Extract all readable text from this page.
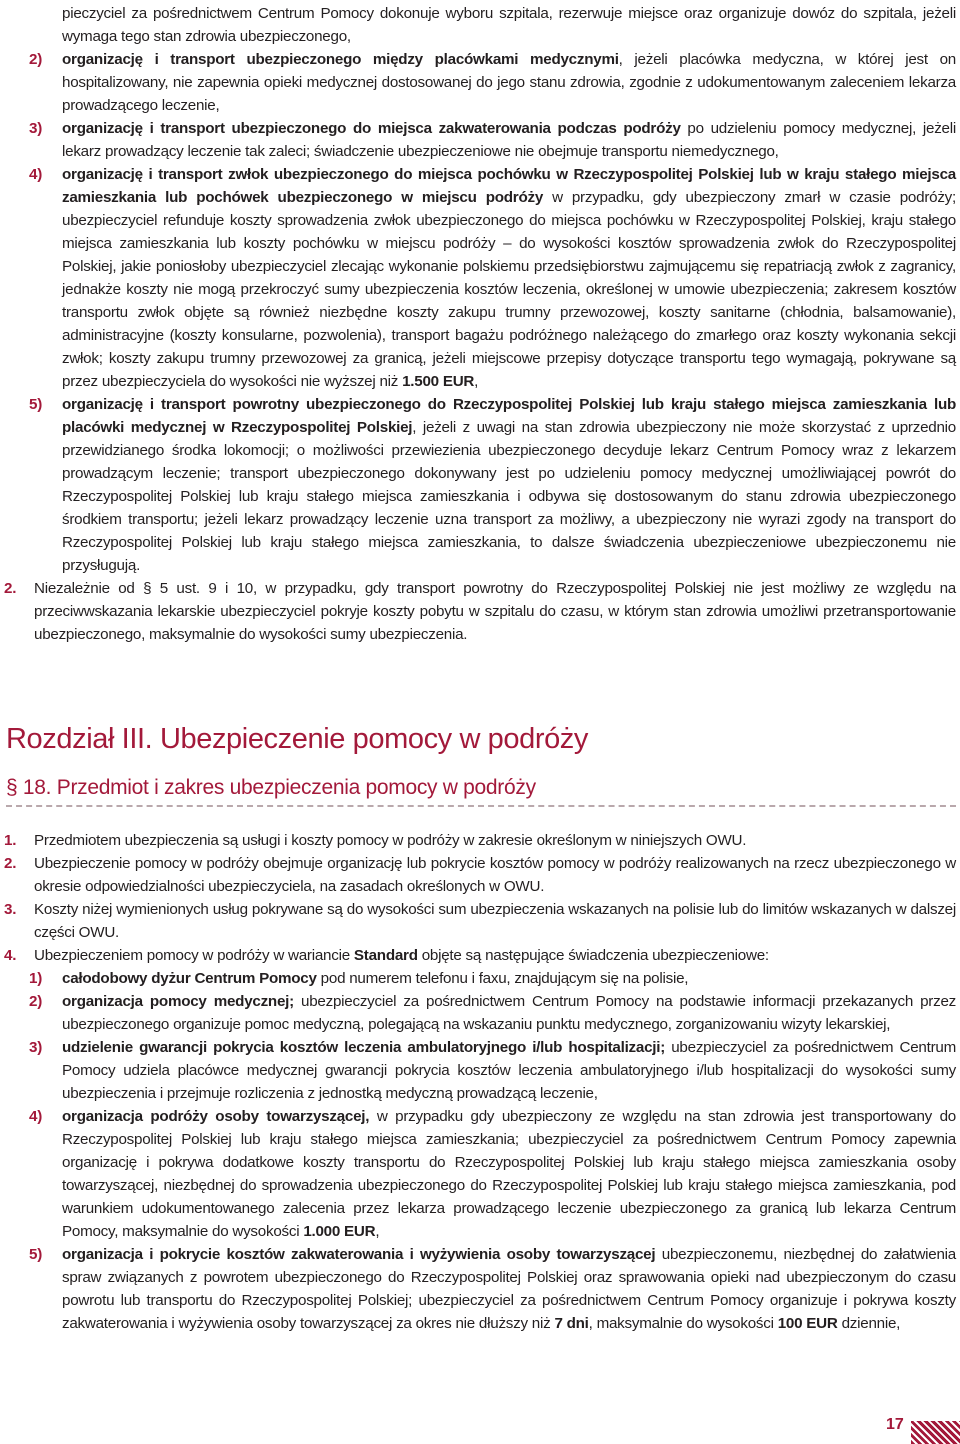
pieczyciel za pośrednictwem Centrum Pomocy dokonuje wyboru szpitala, rezerwuje miejsce oraz organizuje dowóz do szpitala, jeżeli wymaga tego stan zdrowia ubezpieczonego,

2) organizację i transport ubezpieczonego między placówkami medycznymi, jeżeli placówka medyczna, w której jest on hospitalizowany, nie zapewnia opieki medycznej dostosowanej do jego stanu zdrowia, zgodnie z udokumentowanym zaleceniem lekarza prowadzącego leczenie,

3) organizację i transport ubezpieczonego do miejsca zakwaterowania podczas podróży po udzieleniu pomocy medycznej, jeżeli lekarz prowadzący leczenie tak zaleci; świadczenie ubezpieczeniowe nie obejmuje transportu niemedycznego,

4) organizację i transport zwłok ubezpieczonego do miejsca pochówku w Rzeczypospolitej Polskiej lub w kraju stałego miejsca zamieszkania lub pochówek ubezpieczonego w miejscu podróży w przypadku, gdy ubezpieczony zmarł w czasie podróży; ubezpieczyciel refunduje koszty sprowadzenia zwłok ubezpieczonego do miejsca pochówku w Rzeczypospolitej Polskiej, kraju stałego miejsca zamieszkania lub koszty pochówku w miejscu podróży – do wysokości kosztów sprowadzenia zwłok do Rzeczypospolitej Polskiej, jakie poniosłoby ubezpieczyciel zlecając wykonanie polskiemu przedsiębiorstwu zajmującemu się repatriacją zwłok z zagranicy, jednakże koszty nie mogą przekroczyć sumy ubezpieczenia kosztów leczenia, określonej w umowie ubezpieczenia; zakresem kosztów transportu zwłok objęte są również niezbędne koszty zakupu trumny przewozowej, koszty sanitarne (chłodnia, balsamowanie), administracyjne (koszty konsularne, pozwolenia), transport bagażu podróżnego należącego do zmarłego oraz koszty wykonania sekcji zwłok; koszty zakupu trumny przewozowej za granicą, jeżeli miejscowe przepisy dotyczące transportu tego wymagają, pokrywane są przez ubezpieczyciela do wysokości nie wyższej niż 1.500 EUR,

5) organizację i transport powrotny ubezpieczonego do Rzeczypospolitej Polskiej lub kraju stałego miejsca zamieszkania lub placówki medycznej w Rzeczypospolitej Polskiej, jeżeli z uwagi na stan zdrowia ubezpieczony nie może skorzystać z uprzednio przewidzianego środka lokomocji; o możliwości przewiezienia ubezpieczonego decyduje lekarz Centrum Pomocy wraz z lekarzem prowadzącym leczenie; transport ubezpieczonego dokonywany jest po udzieleniu pomocy medycznej umożliwiającej powrót do Rzeczypospolitej Polskiej lub kraju stałego miejsca zamieszkania i odbywa się dostosowanym do stanu zdrowia ubezpieczonego środkiem transportu; jeżeli lekarz prowadzący leczenie uzna transport za możliwy, a ubezpieczony nie wyrazi zgody na transport do Rzeczypospolitej Polskiej lub kraju stałego miejsca zamieszkania, to dalsze świadczenia ubezpieczeniowe ubezpieczonemu nie przysługują.

2. Niezależnie od § 5 ust. 9 i 10, w przypadku, gdy transport powrotny do Rzeczypospolitej Polskiej nie jest możliwy ze względu na przeciwwskazania lekarskie ubezpieczyciel pokryje koszty pobytu w szpitalu do czasu, w którym stan zdrowia umożliwi przetransportowanie ubezpieczonego, maksymalnie do wysokości sumy ubezpieczenia.

Rozdział III. Ubezpieczenie pomocy w podróży
§ 18. Przedmiot i zakres ubezpieczenia pomocy w podróży

1. Przedmiotem ubezpieczenia są usługi i koszty pomocy w podróży w zakresie określonym w niniejszych OWU.

2. Ubezpieczenie pomocy w podróży obejmuje organizację lub pokrycie kosztów pomocy w podróży realizowanych na rzecz ubezpieczonego w okresie odpowiedzialności ubezpieczyciela, na zasadach określonych w OWU.

3. Koszty niżej wymienionych usług pokrywane są do wysokości sum ubezpieczenia wskazanych na polisie lub do limitów wskazanych w dalszej części OWU.

4. Ubezpieczeniem pomocy w podróży w wariancie Standard objęte są następujące świadczenia ubezpieczeniowe:

1) całodobowy dyżur Centrum Pomocy pod numerem telefonu i faxu, znajdującym się na polisie,

2) organizacja pomocy medycznej; ubezpieczyciel za pośrednictwem Centrum Pomocy na podstawie informacji przekazanych przez ubezpieczonego organizuje pomoc medyczną, polegającą na wskazaniu punktu medycznego, zorganizowaniu wizyty lekarskiej,

3) udzielenie gwarancji pokrycia kosztów leczenia ambulatoryjnego i/lub hospitalizacji; ubezpieczyciel za pośrednictwem Centrum Pomocy udziela placówce medycznej gwarancji pokrycia kosztów leczenia ambulatoryjnego i/lub hospitalizacji do wysokości sumy ubezpieczenia i przejmuje rozliczenia z jednostką medyczną prowadzącą leczenie,

4) organizacja podróży osoby towarzyszącej, w przypadku gdy ubezpieczony ze względu na stan zdrowia jest transportowany do Rzeczypospolitej Polskiej lub kraju stałego miejsca zamieszkania; ubezpieczyciel za pośrednictwem Centrum Pomocy zapewnia organizację i pokrywa dodatkowe koszty transportu do Rzeczypospolitej Polskiej lub kraju stałego miejsca zamieszkania osoby towarzyszącej, niezbędnej do sprowadzenia ubezpieczonego do Rzeczypospolitej Polskiej lub kraju stałego miejsca zamieszkania, pod warunkiem udokumentowanego zalecenia przez lekarza prowadzącego leczenie ubezpieczonego za granicą lub lekarza Centrum Pomocy, maksymalnie do wysokości 1.000 EUR,

5) organizacja i pokrycie kosztów zakwaterowania i wyżywienia osoby towarzyszącej ubezpieczonemu, niezbędnej do załatwienia spraw związanych z powrotem ubezpieczonego do Rzeczypospolitej Polskiej oraz sprawowania opieki nad ubezpieczonym do czasu powrotu lub transportu do Rzeczypospolitej Polskiej; ubezpieczyciel za pośrednictwem Centrum Pomocy organizuje i pokrywa koszty zakwaterowania i wyżywienia osoby towarzyszącej za okres nie dłuższy niż 7 dni, maksymalnie do wysokości 100 EUR dziennie,

17
